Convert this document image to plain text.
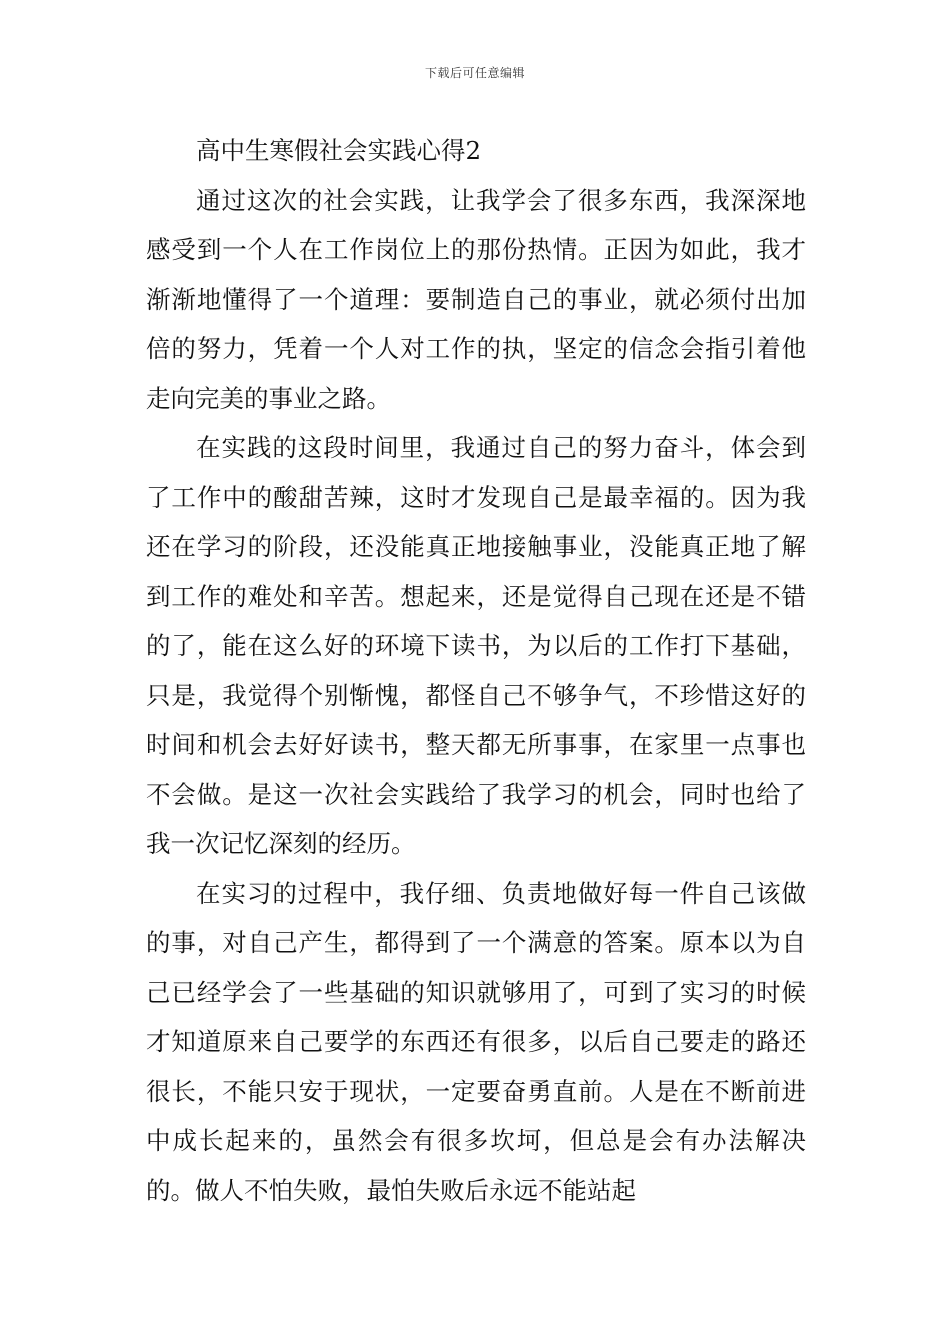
下载后可任意编辑
高中生寒假社会实践心得2

通过这次的社会实践，让我学会了很多东西，我深深地感受到一个人在工作岗位上的那份热情。正因为如此，我才渐渐地懂得了一个道理：要制造自己的事业，就必须付出加倍的努力，凭着一个人对工作的执，坚定的信念会指引着他走向完美的事业之路。

在实践的这段时间里，我通过自己的努力奋斗，体会到了工作中的酸甜苦辣，这时才发现自己是最幸福的。因为我还在学习的阶段，还没能真正地接触事业，没能真正地了解到工作的难处和辛苦。想起来，还是觉得自己现在还是不错的了，能在这么好的环境下读书，为以后的工作打下基础，只是，我觉得个别惭愧，都怪自己不够争气，不珍惜这好的时间和机会去好好读书，整天都无所事事，在家里一点事也不会做。是这一次社会实践给了我学习的机会，同时也给了我一次记忆深刻的经历。

在实习的过程中，我仔细、负责地做好每一件自己该做的事，对自己产生，都得到了一个满意的答案。原本以为自己已经学会了一些基础的知识就够用了，可到了实习的时候才知道原来自己要学的东西还有很多，以后自己要走的路还很长，不能只安于现状，一定要奋勇直前。人是在不断前进中成长起来的，虽然会有很多坎坷，但总是会有办法解决的。做人不怕失败，最怕失败后永远不能站起
